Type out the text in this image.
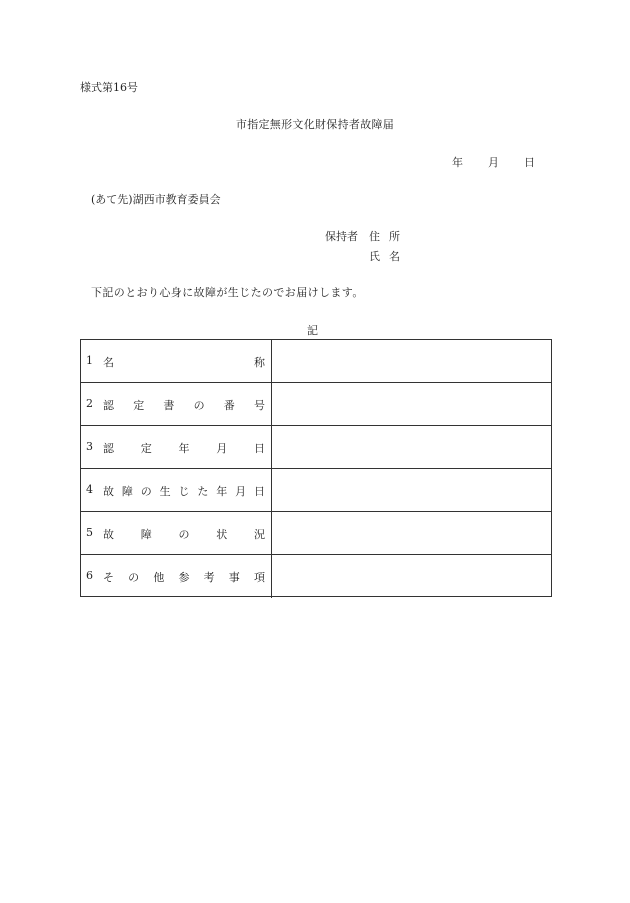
様式第16号
市指定無形文化財保持者故障届
年 月 日
(あて先)湖西市教育委員会
保持者 住所
氏名
下記のとおり心身に故障が生じたのでお届けします。
記
1 名	称
2 認 定 書 の 番 号
3 認 定 年 月 日
4 故 障 の 生 じ た 年 月 日
5 故 障 の 状 況
6 そ の 他 参 考 事 項
